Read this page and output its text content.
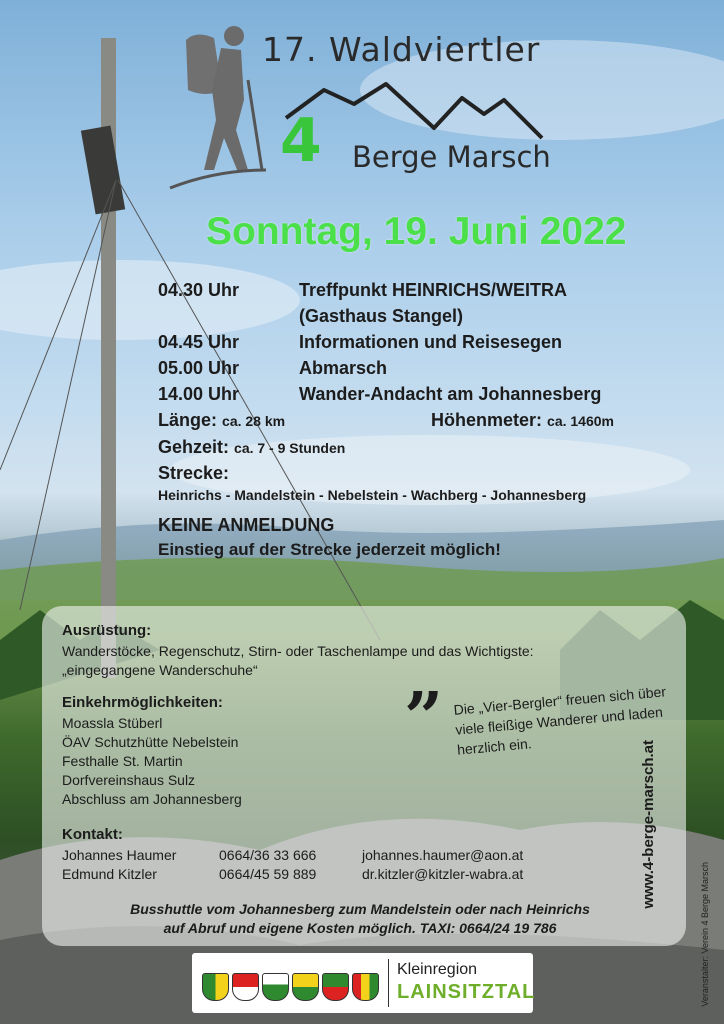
17. Waldviertler
4 Berge Marsch
Sonntag, 19. Juni 2022
04.30 Uhr	Treffpunkt HEINRICHS/WEITRA
(Gasthaus Stangel)
04.45 Uhr	Informationen und Reisesegen
05.00 Uhr	Abmarsch
14.00 Uhr	Wander-Andacht am Johannesberg
Länge: ca. 28 km	Höhenmeter: ca. 1460m
Gehzeit: ca. 7 - 9 Stunden
Strecke:
Heinrichs - Mandelstein - Nebelstein - Wachberg - Johannesberg
KEINE ANMELDUNG
Einstieg auf der Strecke jederzeit möglich!
Ausrüstung:
Wanderstöcke, Regenschutz, Stirn- oder Taschenlampe und das Wichtigste:
„eingegangene Wanderschuhe“
Einkehrmöglichkeiten:
Moassla Stüberl
ÖAV Schutzhütte Nebelstein
Festhalle St. Martin
Dorfvereinshaus Sulz
Abschluss am Johannesberg
” Die „Vier-Bergler“ freuen sich über viele fleißige Wanderer und laden herzlich ein.
Kontakt:
Johannes Haumer	0664/36 33 666	johannes.haumer@aon.at
Edmund Kitzler	0664/45 59 889	dr.kitzler@kitzler-wabra.at	www.4-berge-marsch.at
Busshuttle vom Johannesberg zum Mandelstein oder nach Heinrichs
auf Abruf und eigene Kosten möglich. TAXI: 0664/24 19 786	Veranstalter: Verein 4 Berge Marsch
Kleinregion
LAINSITZTAL
